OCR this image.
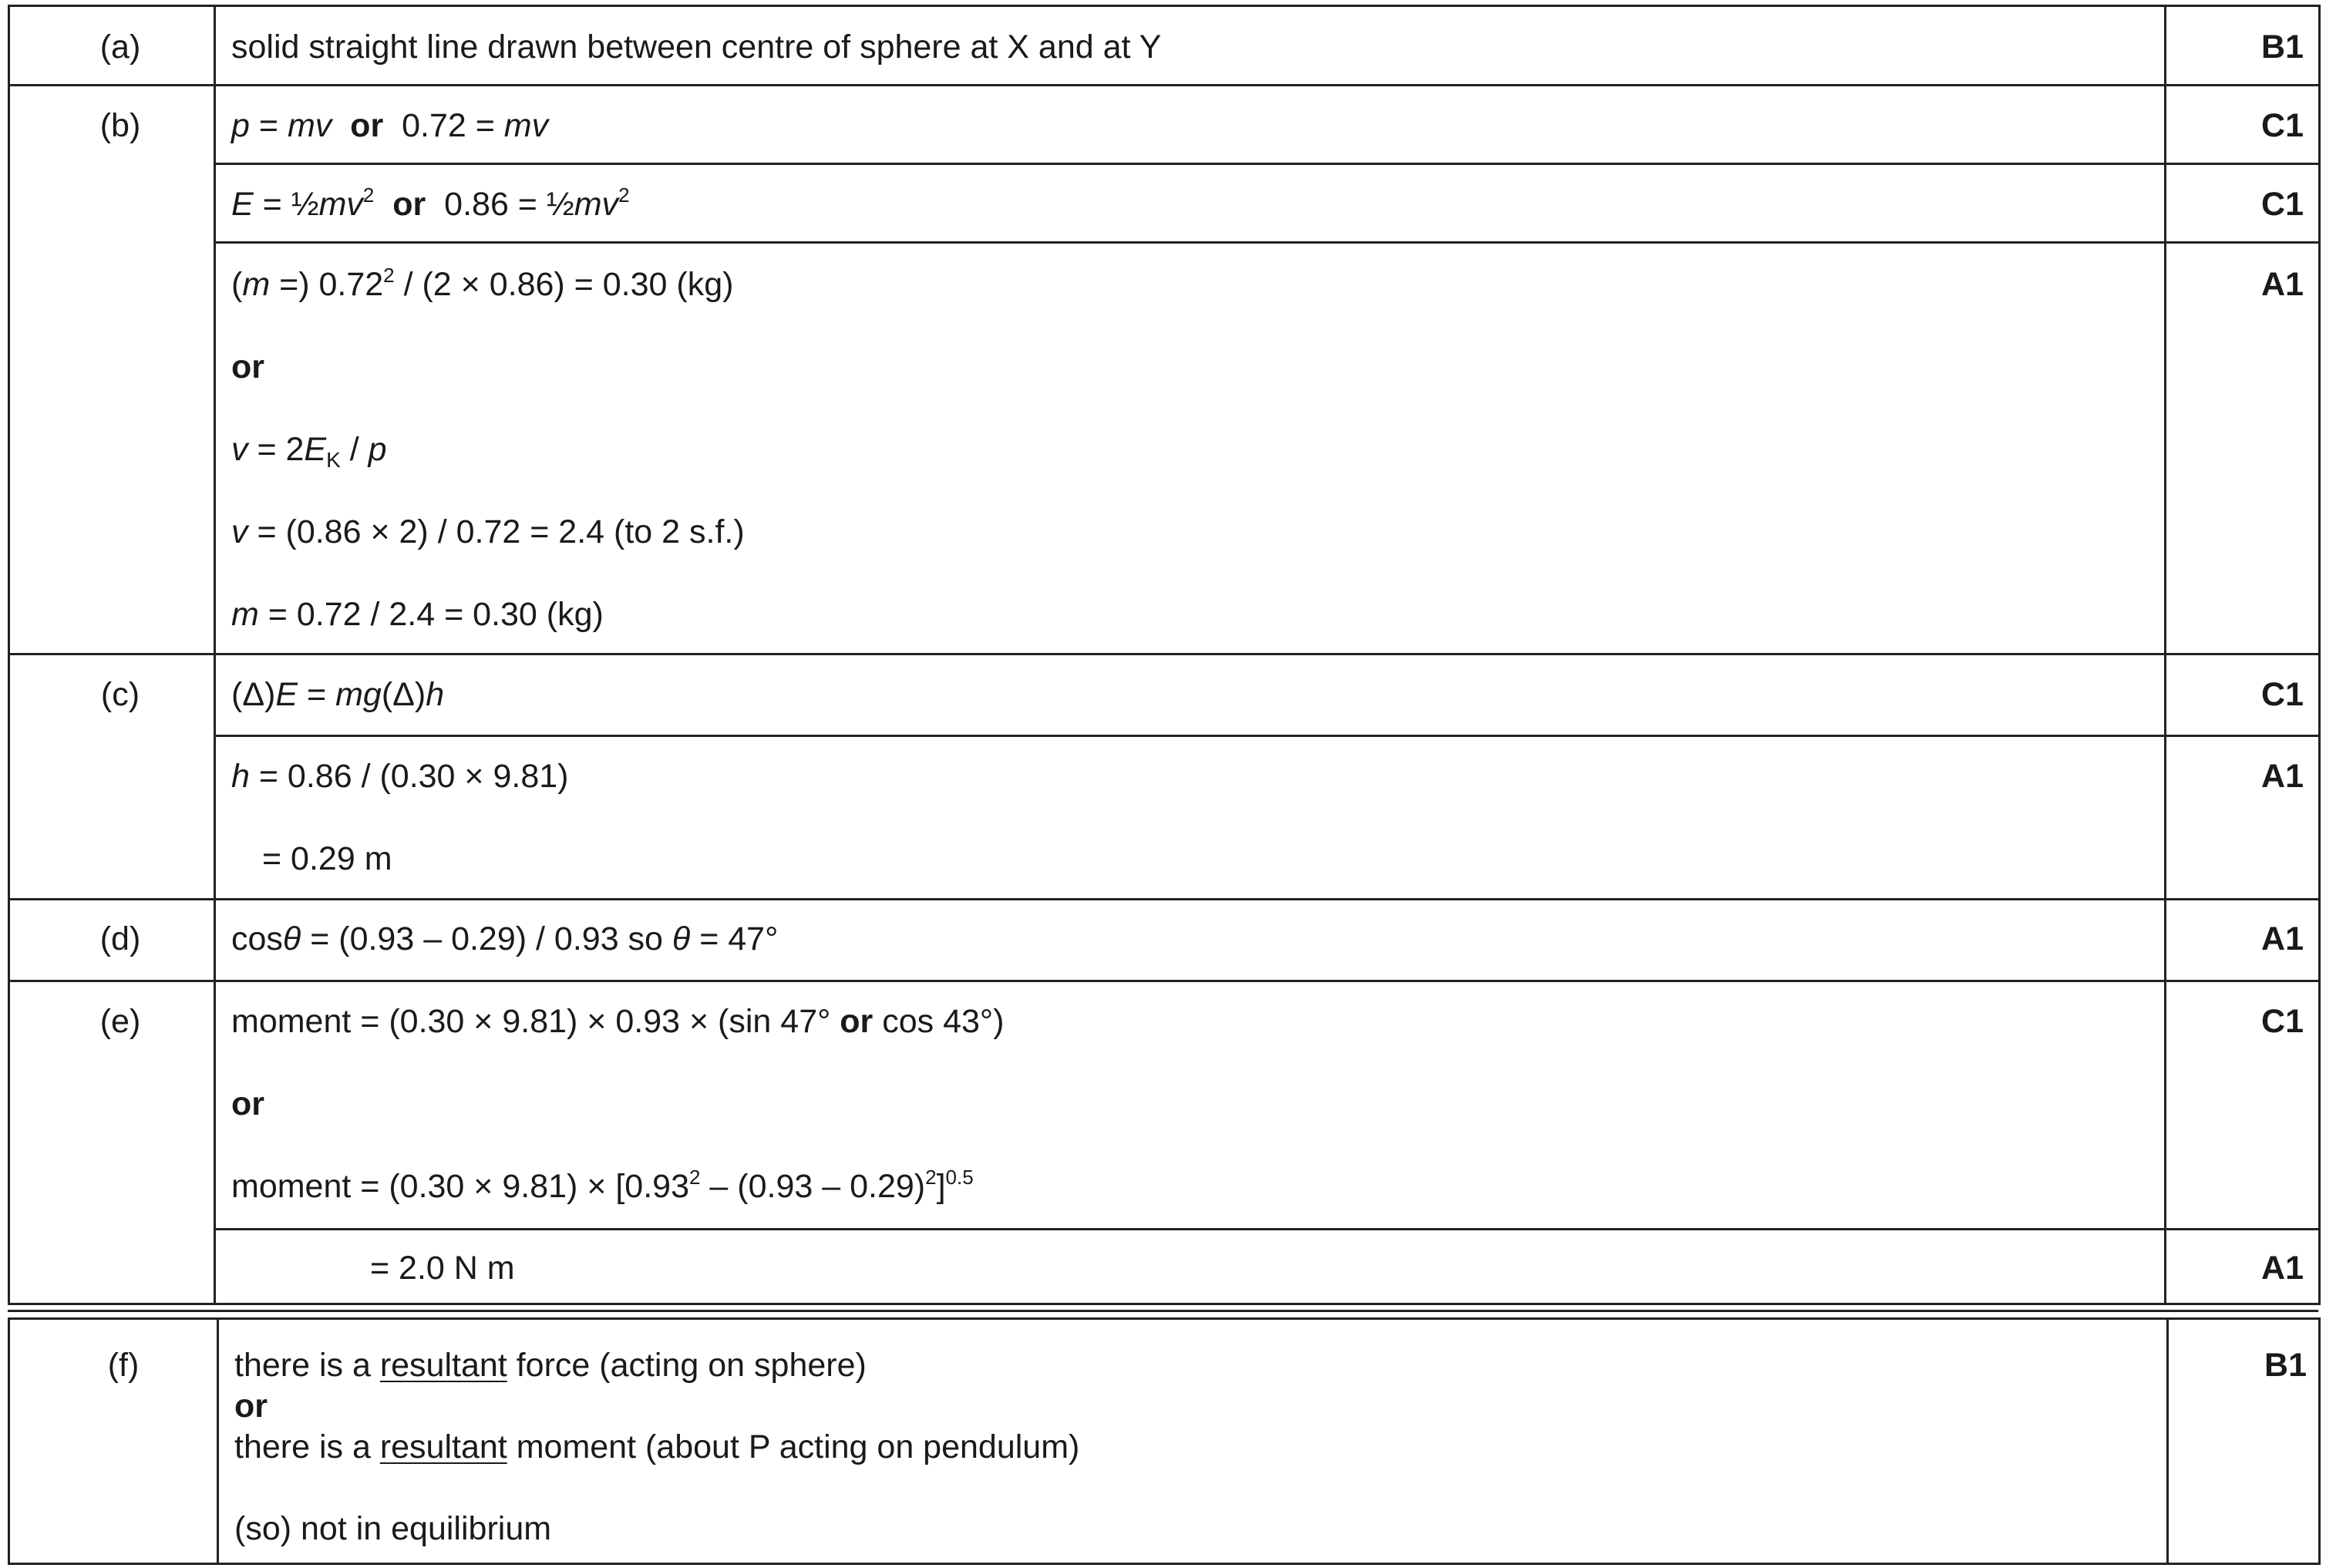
(a)	solid straight line drawn between centre of sphere at X and at Y	B1
(b)	p = mv or 0.72 = mv	C1
$E = \frac{1}{2}mv^2$ or $0.86 = \frac{1}{2}mv^2$	C1
(m =) 0.72$^2$ / (2 × 0.86) = 0.30 (kg)	A1
or
$v = 2E_K / p$
v = (0.86 × 2) / 0.72 = 2.4 (to 2 s.f.)
m = 0.72 / 2.4 = 0.30 (kg)
(c)	(Δ)E = mg(Δ)h	C1
h = 0.86 / (0.30 × 9.81)	A1
= 0.29 m
(d)	cosθ = (0.93 – 0.29) / 0.93 so θ = 47°	A1
(e)	moment = (0.30 × 9.81) × 0.93 × (sin 47° or cos 43°)	C1
or
moment = $(0.30 \times 9.81) \times [0.93^2 - (0.93 - 0.29)^2]^{0.5}$
= 2.0 N m	A1
(f)	there is a resultant force (acting on sphere)
or
there is a resultant moment (about P acting on pendulum)
(so) not in equilibrium
B1
